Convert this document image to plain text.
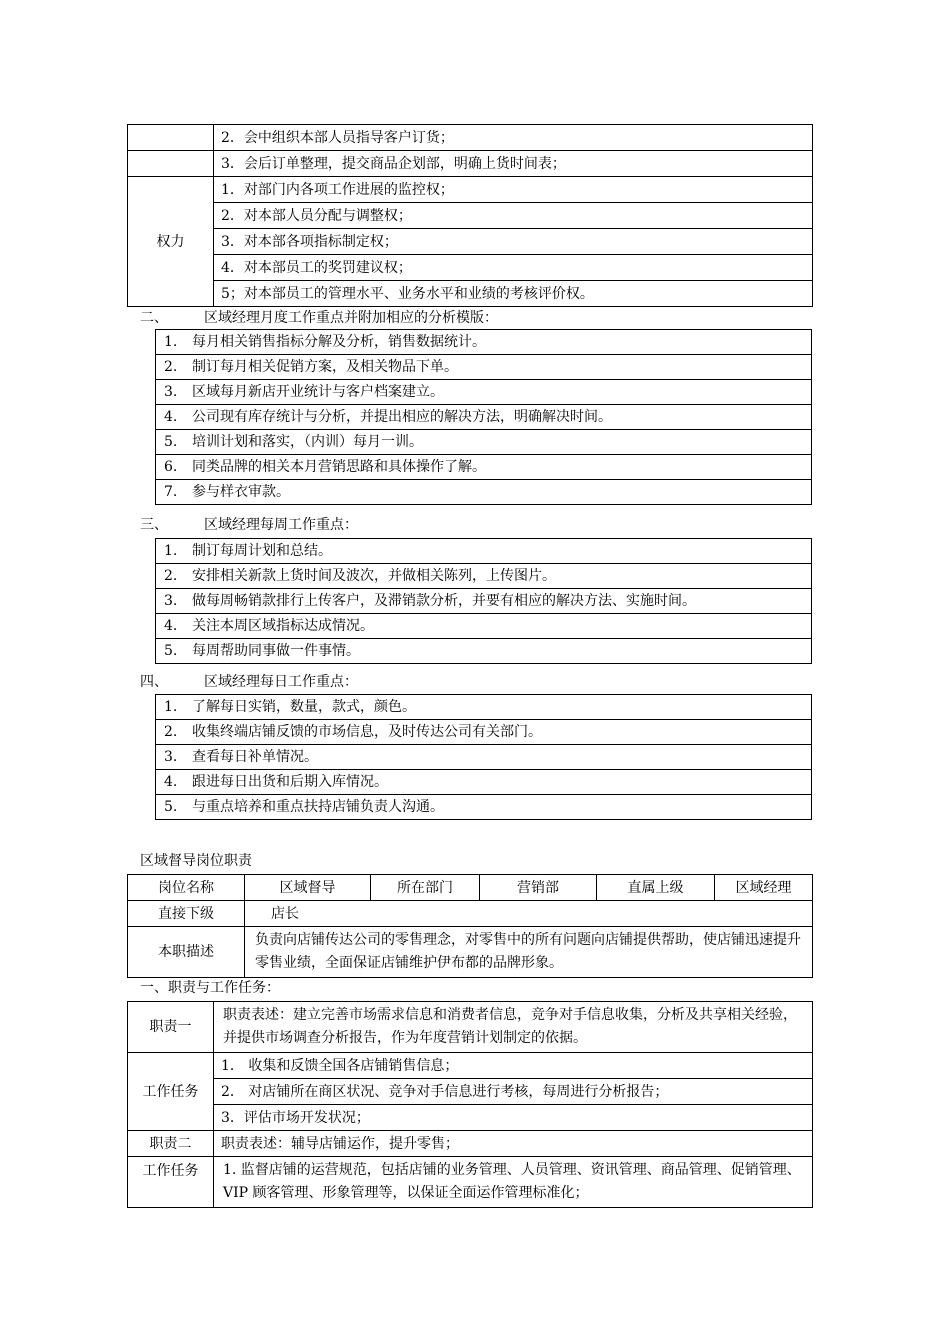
	2．会中组织本部人员指导客户订货；
	3．会后订单整理，提交商品企划部，明确上货时间表；
权力	1．对部门内各项工作进展的监控权；
	2．对本部人员分配与调整权；
	3．对本部各项指标制定权；
	4．对本部员工的奖罚建议权；
	5；对本部员工的管理水平、业务水平和业绩的考核评价权。
二、	区域经理月度工作重点并附加相应的分析模版：
1. 每月相关销售指标分解及分析，销售数据统计。
2. 制订每月相关促销方案，及相关物品下单。
3. 区域每月新店开业统计与客户档案建立。
4. 公司现有库存统计与分析，并提出相应的解决方法，明确解决时间。
5. 培训计划和落实，（内训）每月一训。
6. 同类品牌的相关本月营销思路和具体操作了解。
7. 参与样衣审款。
三、	区域经理每周工作重点：
1. 制订每周计划和总结。
2. 安排相关新款上货时间及波次，并做相关陈列，上传图片。
3. 做每周畅销款排行上传客户，及滞销款分析，并要有相应的解决方法、实施时间。
4. 关注本周区域指标达成情况。
5. 每周帮助同事做一件事情。
四、	区域经理每日工作重点：
1. 了解每日实销，数量，款式，颜色。
2. 收集终端店铺反馈的市场信息，及时传达公司有关部门。
3. 查看每日补单情况。
4. 跟进每日出货和后期入库情况。
5. 与重点培养和重点扶持店铺负责人沟通。
区域督导岗位职责
岗位名称	区域督导	所在部门	营销部	直属上级	区域经理
直接下级	店长				
本职描述	负责向店铺传达公司的零售理念，对零售中的所有问题向店铺提供帮助，使店铺迅速提升零售业绩，全面保证店铺维护伊布都的品牌形象。				
一、职责与工作任务：
职责一	职责表述：建立完善市场需求信息和消费者信息，竞争对手信息收集，分析及共享相关经验，并提供市场调查分析报告，作为年度营销计划制定的依据。
工作任务	1． 收集和反馈全国各店铺销售信息；
	2． 对店铺所在商区状况、竞争对手信息进行考核，每周进行分析报告；
	3．评估市场开发状况；
职责二	职责表述：辅导店铺运作，提升零售；
工作任务	1. 监督店铺的运营规范，包括店铺的业务管理、人员管理、资讯管理、商品管理、促销管理、VIP 顾客管理、形象管理等，以保证全面运作管理标准化；
